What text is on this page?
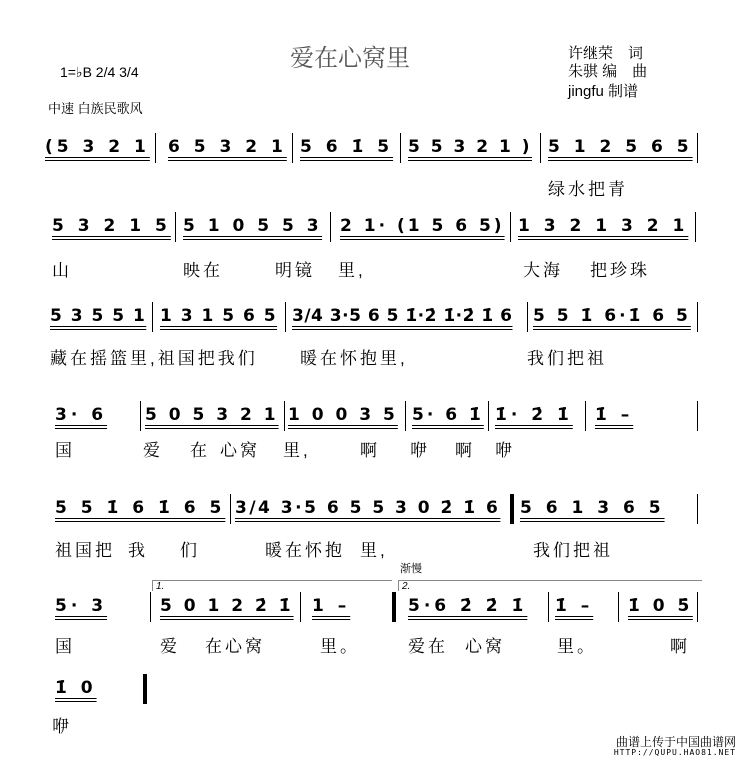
爱在心窝里	许继荣　词
朱骐 编　曲
jingfu 制谱
1=♭B 2/4 3/4
中速 白族民歌风
渐慢
1.	2.
(5 3 2 1 6 5 3 2 1 5 6 1̇ 5 5 5 3 2 1 ) 5 1 2 5 6 5
绿水把青
5 3 2 1 5 5 1 0 5 5 3 2 1· (1 5 6 5) 1 3 2 1 3 2 1
山	映在	明镜 里,	大海 把珍珠
5 3 5 5 1 1 3 1 5 6 5 3/4 3·5 6 5 1̇·2̇ 1̇·2̇ 1̇ 6 5 5 1̇ 6·1̇ 6 5
藏在摇篮里,祖国把我们 暖在怀抱里,	我们把祖
3· 6 5 0 5 3 2 1 1 0 0 3 5 5· 6 1̇ 1̇· 2̇ 1̇ 1̇ –
国	爱 在 心窝 里,	啊 咿 啊 咿
5 5 1̇ 6 1̇ 6 5 3/4 3·5 6 5 5 3 0 2̇ 1̇ 6 5 6 1 3 6 5
祖国把 我 们	暖在怀抱 里,	我们把祖
5· 3	5 0 1 2 2̇ 1̇ 1 –	5·6 2̇ 2̇ 1̇ 1̇ – 1̇ 0 5̇
国	爱 在心窝	里。	爱在 心窝	里。	啊
1̇ 0
咿
曲谱上传于中国曲谱网
HTTP://QUPU.HAO81.NET
